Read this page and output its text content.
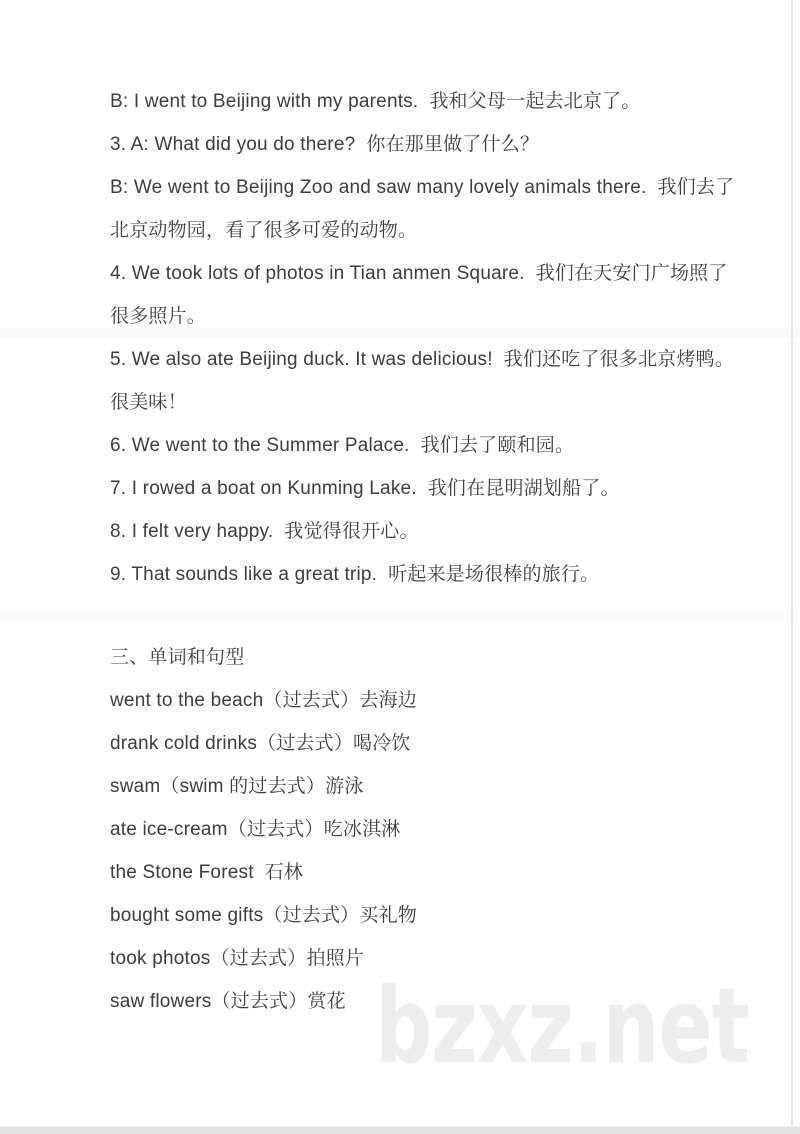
B: I went to Beijing with my parents.  我和父母一起去北京了。
3. A: What did you do there?  你在那里做了什么？
B: We went to Beijing Zoo and saw many lovely animals there.  我们去了
北京动物园，看了很多可爱的动物。
4. We took lots of photos in Tian anmen Square.  我们在天安门广场照了
很多照片。
5. We also ate Beijing duck. It was delicious!  我们还吃了很多北京烤鸭。
很美味！
6. We went to the Summer Palace.  我们去了颐和园。
7. I rowed a boat on Kunming Lake.  我们在昆明湖划船了。
8. I felt very happy.  我觉得很开心。
9. That sounds like a great trip.  听起来是场很棒的旅行。
三、单词和句型
went to the beach（过去式）去海边
drank cold drinks（过去式）喝冷饮
swam（swim 的过去式）游泳
ate ice-cream（过去式）吃冰淇淋
the Stone Forest  石林
bought some gifts（过去式）买礼物
took photos（过去式）拍照片
saw flowers（过去式）赏花 bzxz.net
